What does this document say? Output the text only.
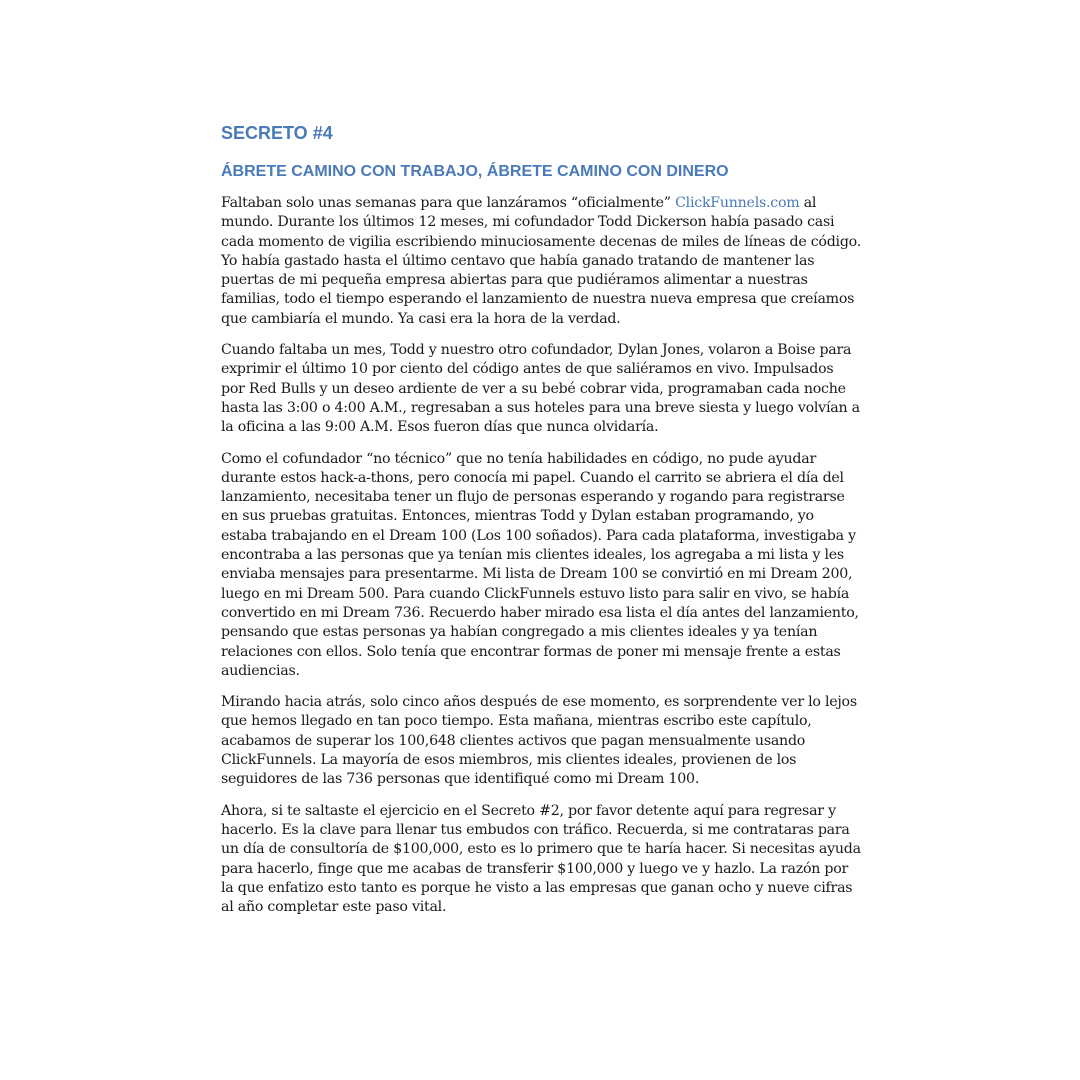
SECRETO #4
ÁBRETE CAMINO CON TRABAJO, ÁBRETE CAMINO CON DINERO

Faltaban solo unas semanas para que lanzáramos “oficialmente” ClickFunnels.com al mundo. Durante los últimos 12 meses, mi cofundador Todd Dickerson había pasado casi cada momento de vigilia escribiendo minuciosamente decenas de miles de líneas de código. Yo había gastado hasta el último centavo que había ganado tratando de mantener las puertas de mi pequeña empresa abiertas para que pudiéramos alimentar a nuestras familias, todo el tiempo esperando el lanzamiento de nuestra nueva empresa que creíamos que cambiaría el mundo. Ya casi era la hora de la verdad.

Cuando faltaba un mes, Todd y nuestro otro cofundador, Dylan Jones, volaron a Boise para exprimir el último 10 por ciento del código antes de que saliéramos en vivo. Impulsados por Red Bulls y un deseo ardiente de ver a su bebé cobrar vida, programaban cada noche hasta las 3:00 o 4:00 A.M., regresaban a sus hoteles para una breve siesta y luego volvían a la oficina a las 9:00 A.M. Esos fueron días que nunca olvidaría.

Como el cofundador “no técnico” que no tenía habilidades en código, no pude ayudar durante estos hack-a-thons, pero conocía mi papel. Cuando el carrito se abriera el día del lanzamiento, necesitaba tener un flujo de personas esperando y rogando para registrarse en sus pruebas gratuitas. Entonces, mientras Todd y Dylan estaban programando, yo estaba trabajando en el Dream 100 (Los 100 soñados). Para cada plataforma, investigaba y encontraba a las personas que ya tenían mis clientes ideales, los agregaba a mi lista y les enviaba mensajes para presentarme. Mi lista de Dream 100 se convirtió en mi Dream 200, luego en mi Dream 500. Para cuando ClickFunnels estuvo listo para salir en vivo, se había convertido en mi Dream 736. Recuerdo haber mirado esa lista el día antes del lanzamiento, pensando que estas personas ya habían congregado a mis clientes ideales y ya tenían relaciones con ellos. Solo tenía que encontrar formas de poner mi mensaje frente a estas audiencias.

Mirando hacia atrás, solo cinco años después de ese momento, es sorprendente ver lo lejos que hemos llegado en tan poco tiempo. Esta mañana, mientras escribo este capítulo, acabamos de superar los 100,648 clientes activos que pagan mensualmente usando ClickFunnels. La mayoría de esos miembros, mis clientes ideales, provienen de los seguidores de las 736 personas que identifiqué como mi Dream 100.

Ahora, si te saltaste el ejercicio en el Secreto #2, por favor detente aquí para regresar y hacerlo. Es la clave para llenar tus embudos con tráfico. Recuerda, si me contrataras para un día de consultoría de $100,000, esto es lo primero que te haría hacer. Si necesitas ayuda para hacerlo, finge que me acabas de transferir $100,000 y luego ve y hazlo. La razón por la que enfatizo esto tanto es porque he visto a las empresas que ganan ocho y nueve cifras al año completar este paso vital.
